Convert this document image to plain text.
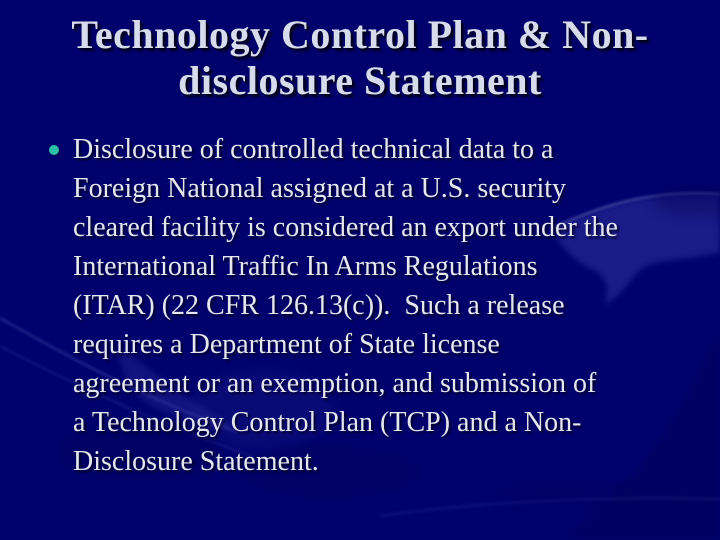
Technology Control Plan & Non-
disclosure Statement
Disclosure of controlled technical data to a
Foreign National assigned at a U.S. security
cleared facility is considered an export under the
International Traffic In Arms Regulations
(ITAR) (22 CFR 126.13(c)).  Such a release
requires a Department of State license
agreement or an exemption, and submission of
a Technology Control Plan (TCP) and a Non-
Disclosure Statement.
